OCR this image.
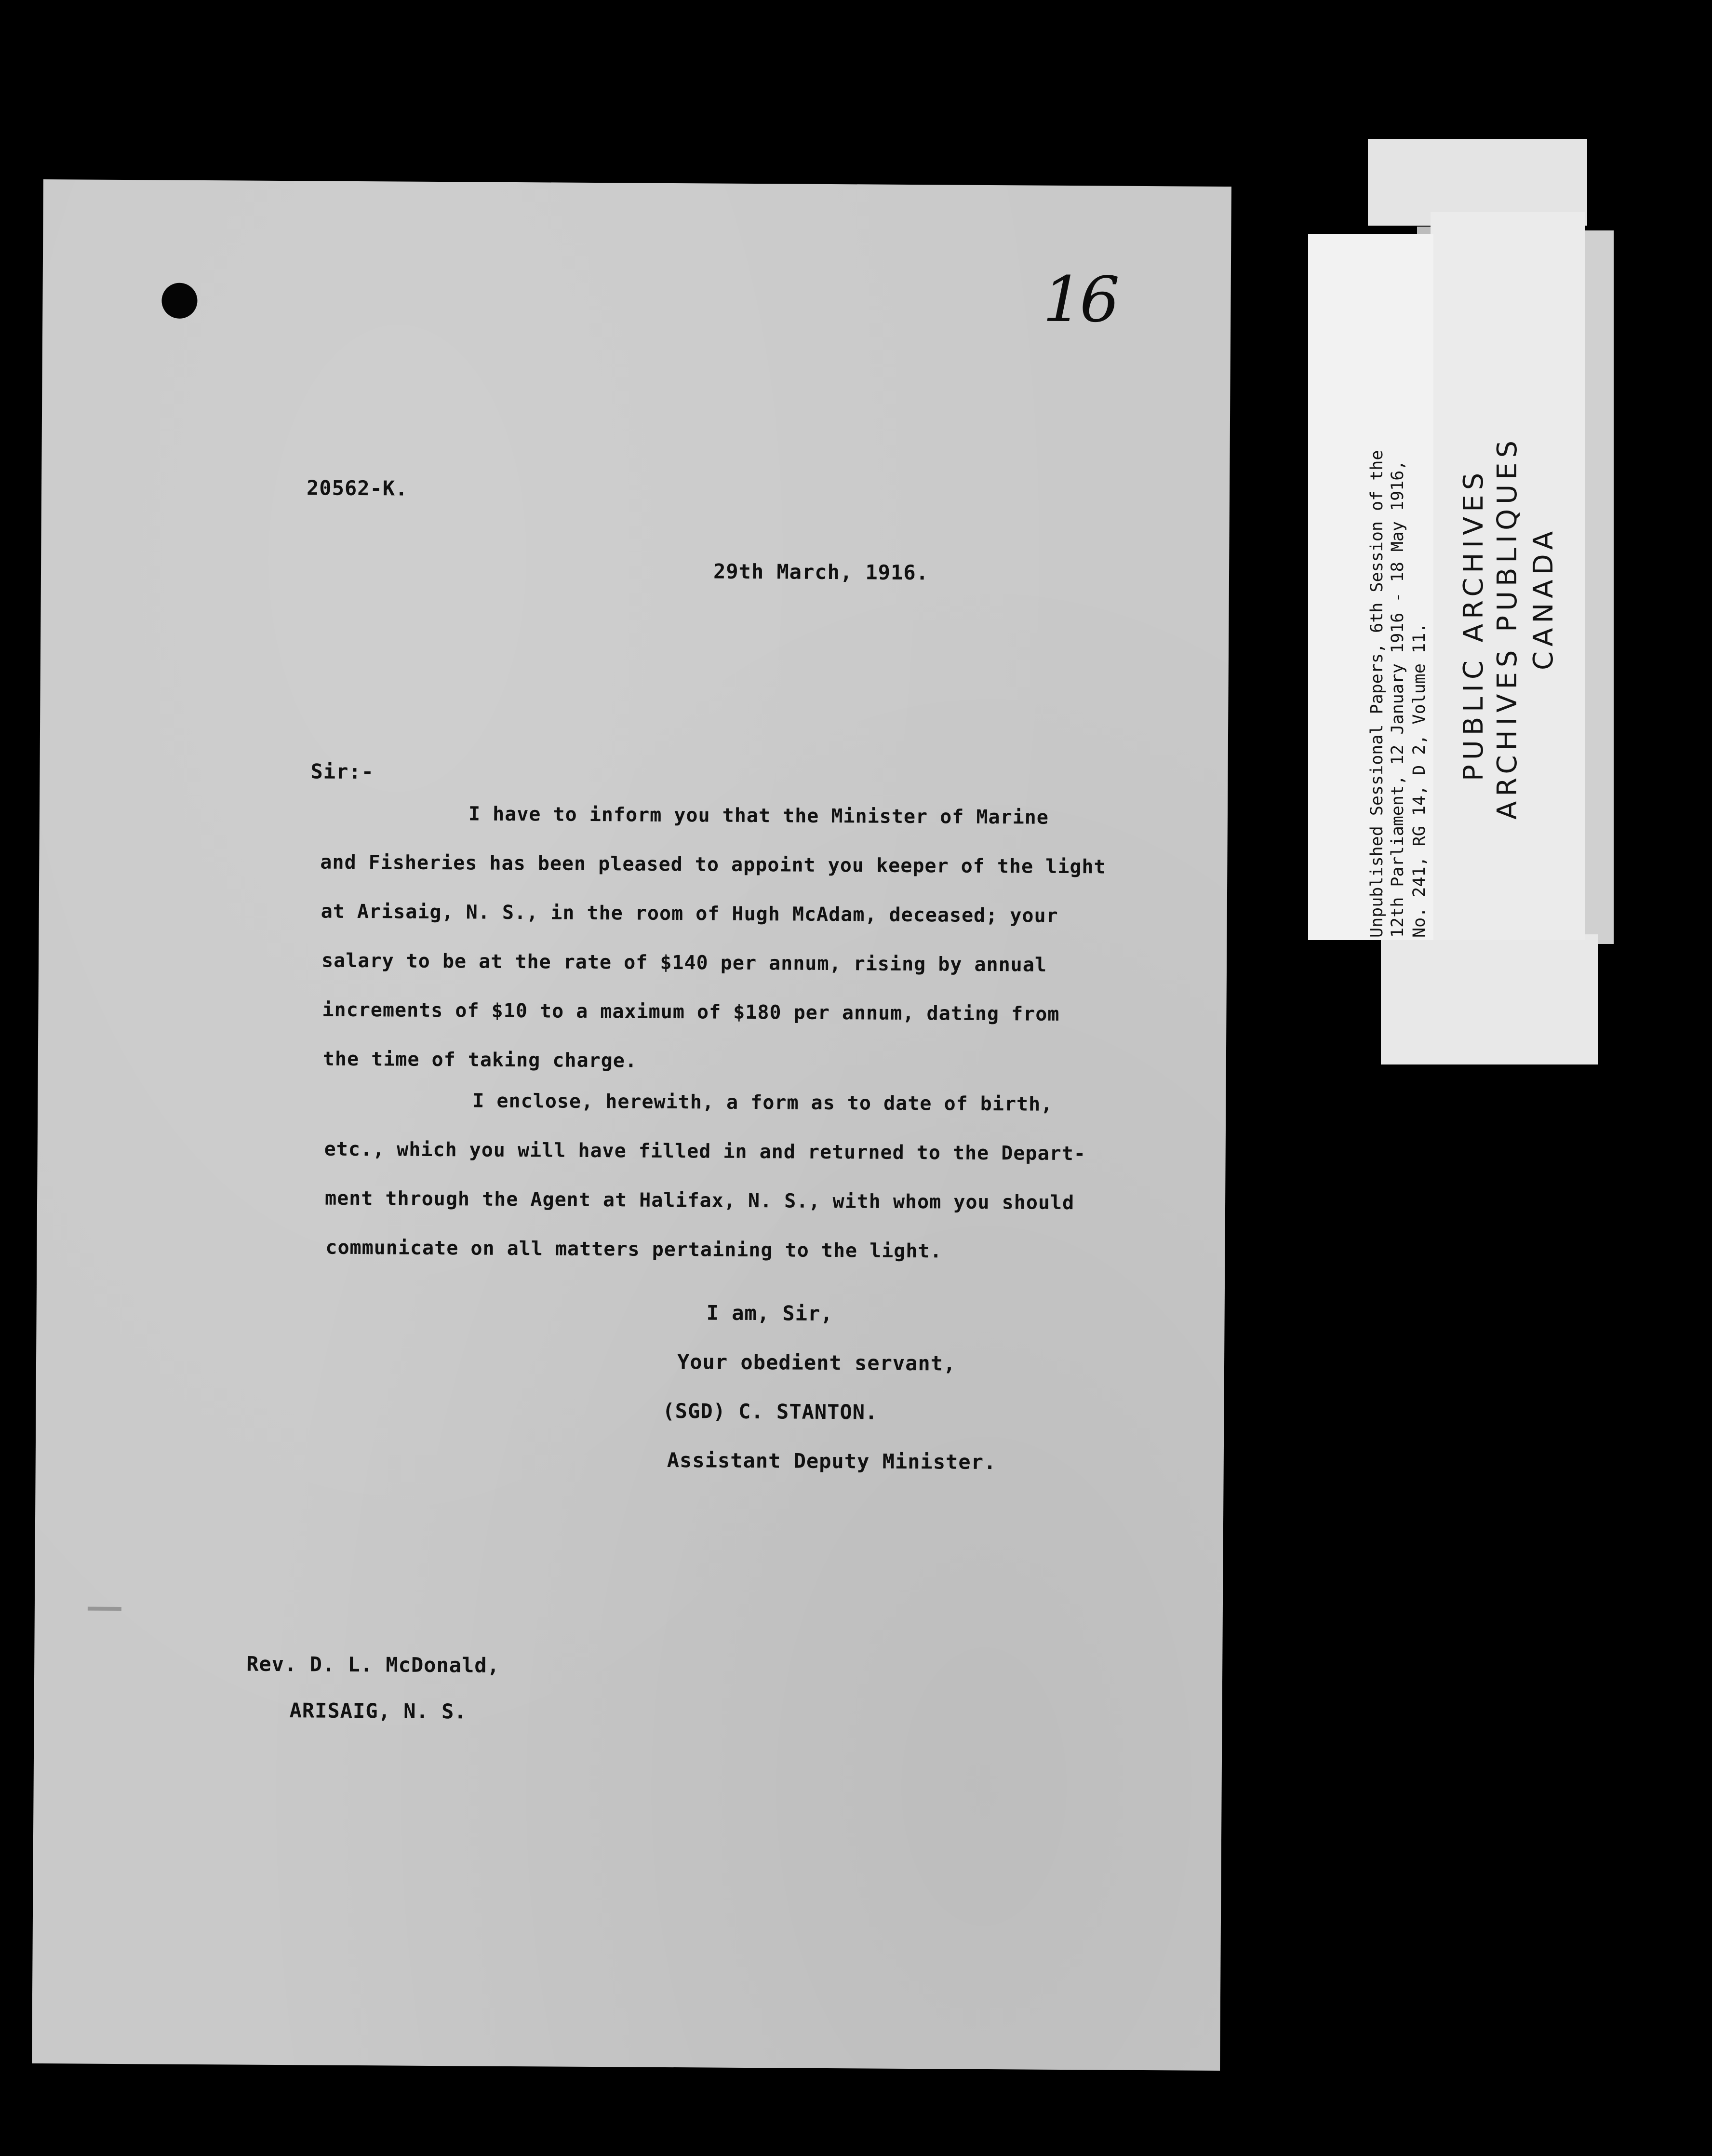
16
20562-K.
29th March, 1916.
Sir:-
I have to inform you that the Minister of Marine
and Fisheries has been pleased to appoint you keeper of the light
at Arisaig, N. S., in the room of Hugh McAdam, deceased; your
salary to be at the rate of $140 per annum, rising by annual
increments of $10 to a maximum of $180 per annum, dating from
the time of taking charge.
I enclose, herewith, a form as to date of birth,
etc., which you will have filled in and returned to the Depart-
ment through the Agent at Halifax, N. S., with whom you should
communicate on all matters pertaining to the light.
I am, Sir,
Your obedient servant,
(SGD) C. STANTON.
Assistant Deputy Minister.
Rev. D. L. McDonald,
ARISAIG, N. S.
Unpublished Sessional Papers, 6th Session of the 12th Parliament, 12 January 1916 - 18 May 1916, No. 241, RG 14, D 2, Volume 11. PUBLIC ARCHIVES ARCHIVES PUBLIQUES CANADA
